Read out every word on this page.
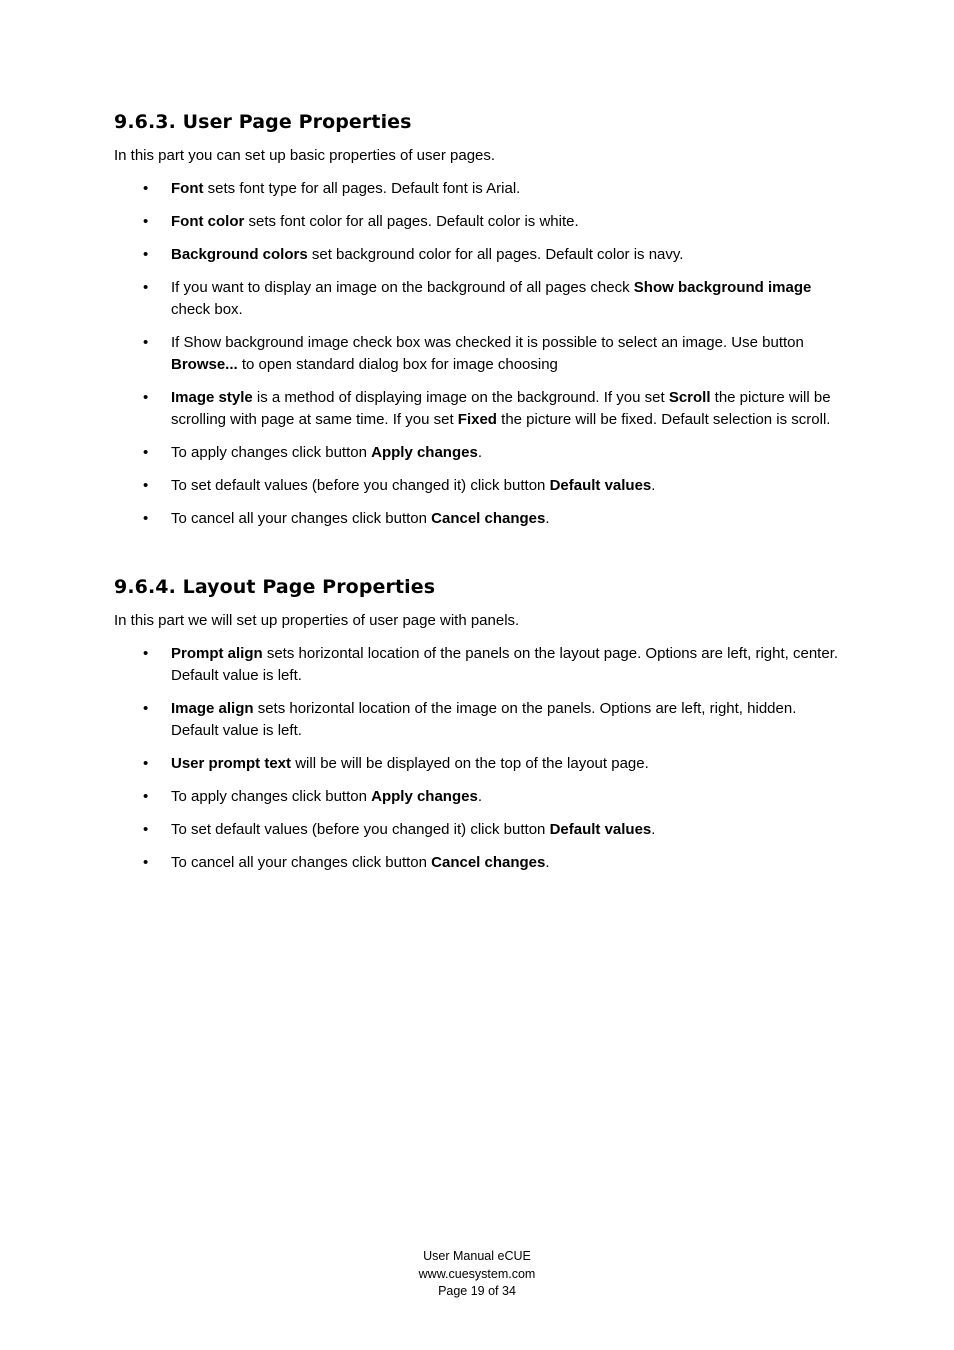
9.6.3. User Page Properties

In this part you can set up basic properties of user pages.

• Font sets font type for all pages. Default font is Arial.
• Font color sets font color for all pages. Default color is white.
• Background colors set background color for all pages. Default color is navy.
• If you want to display an image on the background of all pages check Show background image check box.
• If Show background image check box was checked it is possible to select an image. Use button Browse... to open standard dialog box for image choosing
• Image style is a method of displaying image on the background. If you set Scroll the picture will be scrolling with page at same time. If you set Fixed the picture will be fixed. Default selection is scroll.
• To apply changes click button Apply changes.
• To set default values (before you changed it) click button Default values.
• To cancel all your changes click button Cancel changes.
9.6.4. Layout Page Properties

In this part we will set up properties of user page with panels.

• Prompt align sets horizontal location of the panels on the layout page. Options are left, right, center. Default value is left.
• Image align sets horizontal location of the image on the panels. Options are left, right, hidden. Default value is left.
• User prompt text will be will be displayed on the top of the layout page.
• To apply changes click button Apply changes.
• To set default values (before you changed it) click button Default values.
• To cancel all your changes click button Cancel changes.
User Manual eCUE
www.cuesystem.com
Page 19 of 34
